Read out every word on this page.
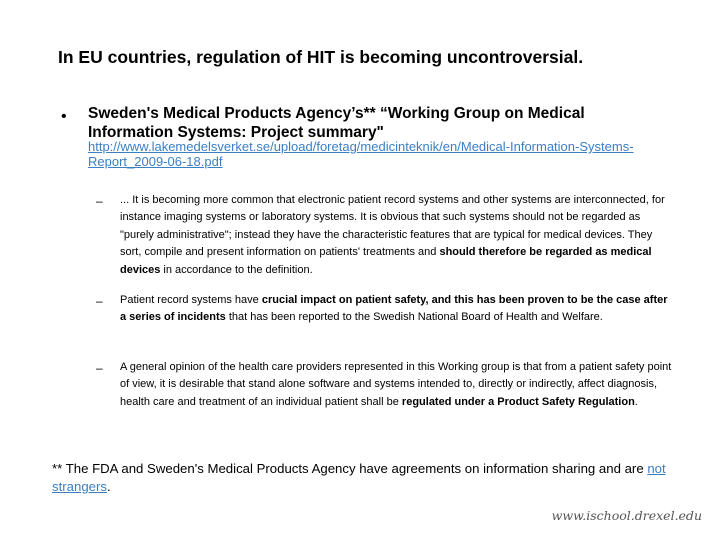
In EU countries, regulation of HIT is becoming uncontroversial.
• Sweden's Medical Products Agency’s** “Working Group on Medical Information Systems: Project summary"
http://www.lakemedelsverket.se/upload/foretag/medicinteknik/en/Medical-Information-Systems-Report_2009-06-18.pdf
– ... It is becoming more common that electronic patient record systems and other systems are interconnected, for instance imaging systems or laboratory systems. It is obvious that such systems should not be regarded as "purely administrative"; instead they have the characteristic features that are typical for medical devices. They sort, compile and present information on patients' treatments and should therefore be regarded as medical devices in accordance to the definition.
– Patient record systems have crucial impact on patient safety, and this has been proven to be the case after a series of incidents that has been reported to the Swedish National Board of Health and Welfare.
– A general opinion of the health care providers represented in this Working group is that from a patient safety point of view, it is desirable that stand alone software and systems intended to, directly or indirectly, affect diagnosis, health care and treatment of an individual patient shall be regulated under a Product Safety Regulation.
** The FDA and Sweden's Medical Products Agency have agreements on information sharing and are not strangers.
www.ischool.drexel.edu
